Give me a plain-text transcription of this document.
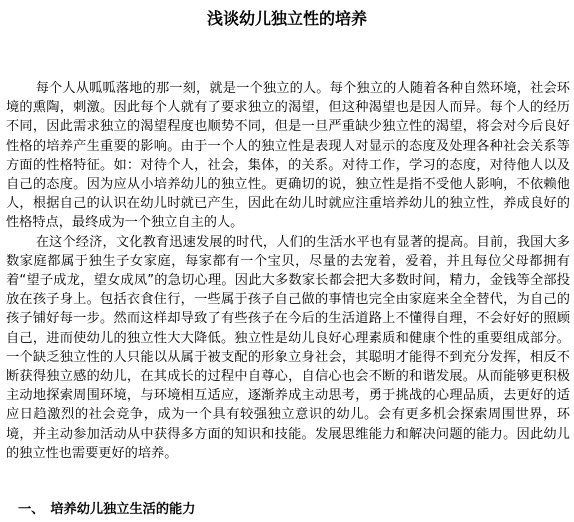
浅谈幼儿独立性的培养

每个人从呱呱落地的那一刻，就是一个独立的人。每个独立的人随着各种自然环境，社会环境的熏陶，刺激。因此每个人就有了要求独立的渴望，但这种渴望也是因人而异。每个人的经历不同，因此需求独立的渴望程度也顺势不同，但是一旦严重缺少独立性的渴望，将会对今后良好性格的培养产生重要的影响。由于一个人的独立性是表现人对显示的态度及处理各种社会关系等方面的性格特征。如：对待个人，社会，集体，的关系。对待工作，学习的态度，对待他人以及自己的态度。因为应从小培养幼儿的独立性。更确切的说，独立性是指不受他人影响，不依赖他人，根据自己的认识在幼儿时就已产生，因此在幼儿时就应注重培养幼儿的独立性，养成良好的性格特点，最终成为一个独立自主的人。

在这个经济，文化教育迅速发展的时代，人们的生活水平也有显著的提高。目前，我国大多数家庭都属于独生子女家庭，每家都有一个宝贝，尽量的去宠着，爱着，并且每位父母都拥有着“望子成龙，望女成凤”的急切心理。因此大多数家长都会把大多数时间，精力，金钱等全部投放在孩子身上。包括衣食住行，一些属于孩子自己做的事情也完全由家庭来全全替代，为自己的孩子铺好每一步。然而这样却导致了有些孩子在今后的生活道路上不懂得自理，不会好好的照顾自己，进而使幼儿的独立性大大降低。独立性是幼儿良好心理素质和健康个性的重要组成部分。一个缺乏独立性的人只能以从属于被支配的形象立身社会，其聪明才能得不到充分发挥，相反不断获得独立感的幼儿，在其成长的过程中自尊心，自信心也会不断的和谐发展。从而能够更积极主动地探索周围环境，与环境相互适应，逐渐养成主动思考，勇于挑战的心理品质，去更好的适应日趋激烈的社会竞争，成为一个具有较强独立意识的幼儿。会有更多机会探索周围世界，环境，并主动参加活动从中获得多方面的知识和技能。发展思维能力和解决问题的能力。因此幼儿的独立性也需要更好的培养。

一、 培养幼儿独立生活的能力
